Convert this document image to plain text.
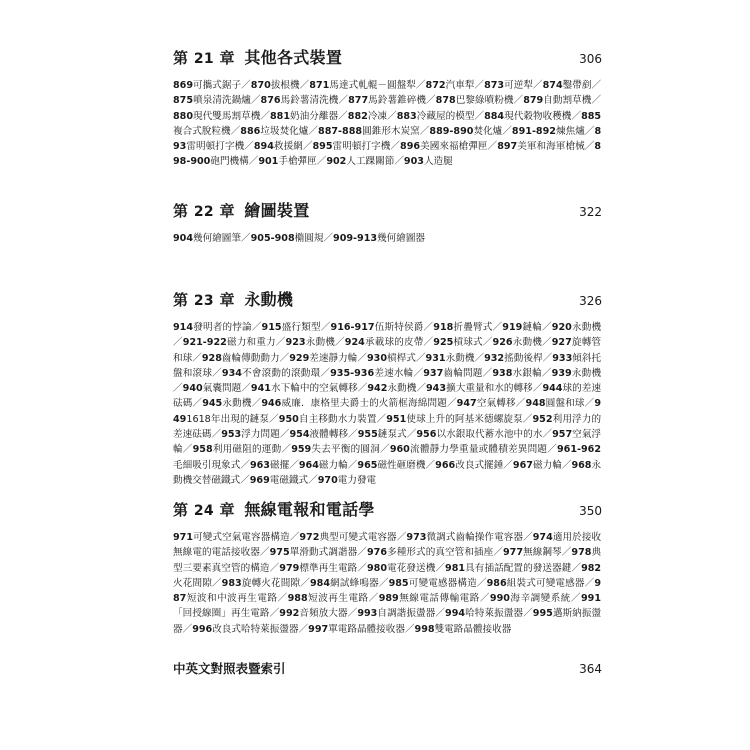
第 21 章 其他各式裝置	306
869可攜式鋸子／870拔根機／871馬達式軋輥－圓盤犁／872汽車犁／873可逆犁／874鑿帶剷／875噴泉清洗鍋爐／876馬鈴薯清洗機／877馬鈴薯錐碎機／878巴黎綠噴粉機／879自動割草機／880現代雙馬割草機／881奶油分離器／882冷凍／883冷藏屋的模型／884現代穀物收穫機／885複合式脫粒機／886垃圾焚化爐／887-888圓錐形木炭窯／889-890焚化爐／891-892煉焦爐／893雷明頓打字機／894救援網／895雷明頓打字機／896美國來福槍彈匣／897美軍和海軍槍械／898-900砲門機構／901手槍彈匣／902人工踝關節／903人造腿
第 22 章 繪圖裝置	322
904幾何繪圖筆／905-908橢圓規／909-913幾何繪圖器
第 23 章 永動機	326
914發明者的悖論／915盛行類型／916-917伍斯特侯爵／918折疊臂式／919鏈輪／920永動機／921-922磁力和重力／923永動機／924承載球的皮帶／925槓球式／926永動機／927旋轉管和球／928齒輪傳動動力／929差速靜力輪／930槓桿式／931永動機／932搖動後桿／933傾斜托盤和滾球／934不會滾動的滾動環／935-936差速水輪／937齒輪問題／938水銀輪／939永動機／940氣囊問題／941水下輪中的空氣轉移／942永動機／943擴大重量和水的轉移／944球的差速砝碼／945永動機／946威廉．康格里夫爵士的火箭框海綿問題／947空氣轉移／948圓盤和球／9491618年出現的鏈泵／950自主移動水力裝置／951使球上升的阿基米德螺旋泵／952利用浮力的差速砝碼／953浮力問題／954液體轉移／955鏈泵式／956以水銀取代蓄水池中的水／957空氣浮輪／958利用磁阻的運動／959失去平衡的圓洞／960流體靜力學重量或體積差異問題／961-962毛細吸引現象式／963磁擺／964磁力輪／965磁性砸磨機／966改良式擺錘／967磁力輪／968永動機交替磁鐵式／969電磁鐵式／970電力發電
第 24 章 無線電報和電話學	350
971可變式空氣電容器構造／972典型可變式電容器／973微調式齒輪操作電容器／974適用於接收無線電的電話接收器／975單滑動式調諧器／976多種形式的真空管和插座／977無線鋼琴／978典型三要素真空管的構造／979標準再生電路／980電花發送機／981具有插話配置的發送器鍵／982火花間隙／983旋轉火花間隙／984網試蜂鳴器／985可變電感器構造／986組裝式可變電感器／987短波和中波再生電路／988短波再生電路／989無線電話傳輸電路／990海辛調變系統／991「回授線圈」再生電路／992音頻放大器／993自調諧振盪器／994哈特萊振盪器／995邁斯納振盪器／996改良式哈特萊振盪器／997單電路晶體接收器／998雙電路晶體接收器
中英文對照表暨索引	364
